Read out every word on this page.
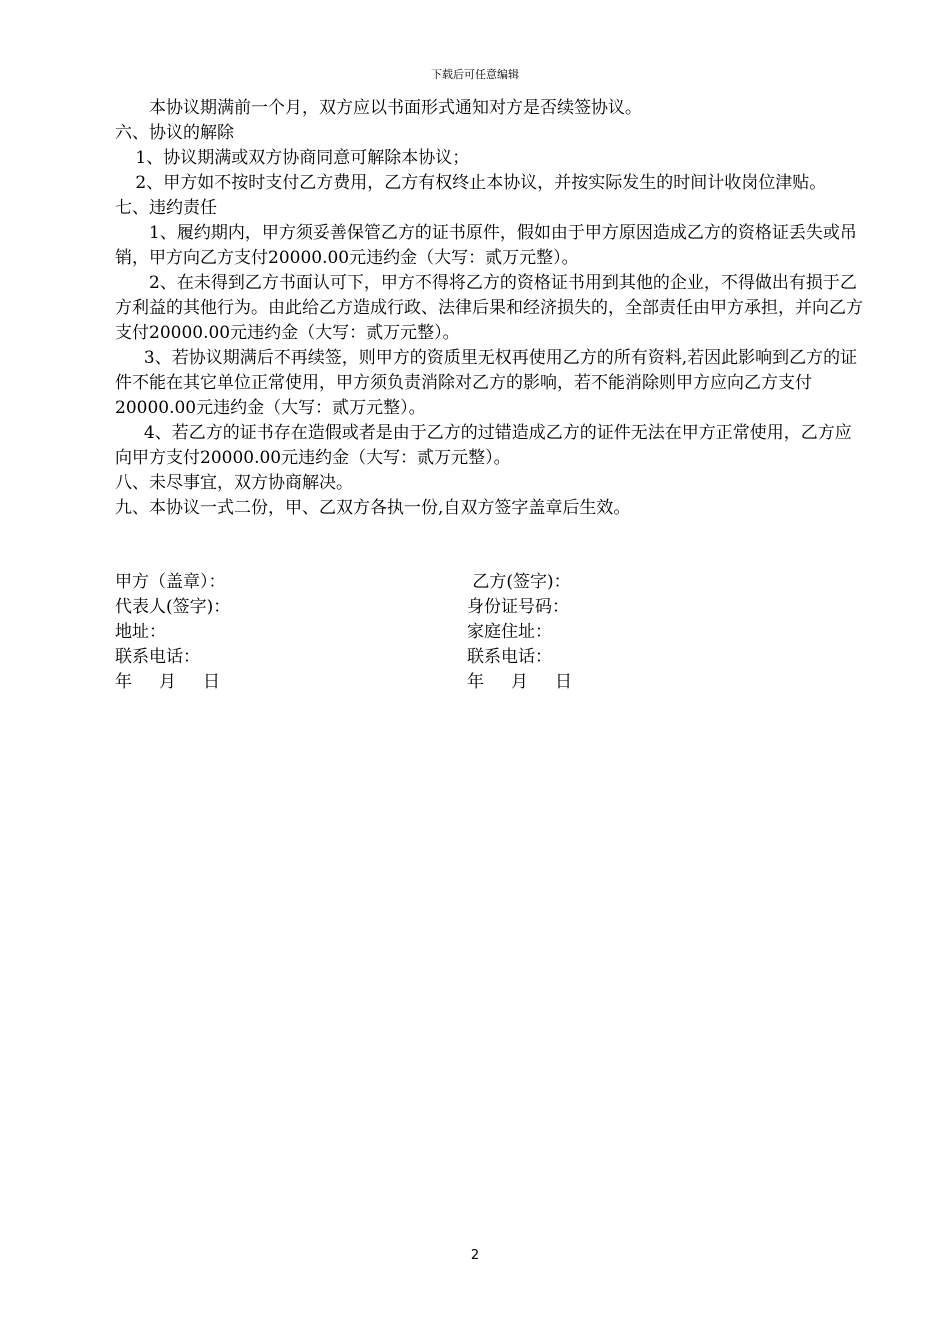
下载后可任意编辑

本协议期满前一个月，双方应以书面形式通知对方是否续签协议。

六、协议的解除

1、协议期满或双方协商同意可解除本协议；

2、甲方如不按时支付乙方费用，乙方有权终止本协议，并按实际发生的时间计收岗位津贴。

七、违约责任

1、履约期内，甲方须妥善保管乙方的证书原件，假如由于甲方原因造成乙方的资格证丢失或吊销，甲方向乙方支付20000.00元违约金（大写：贰万元整）。

2、在未得到乙方书面认可下，甲方不得将乙方的资格证书用到其他的企业，不得做出有损于乙方利益的其他行为。由此给乙方造成行政、法律后果和经济损失的，全部责任由甲方承担，并向乙方支付20000.00元违约金（大写：贰万元整）。

3、若协议期满后不再续签，则甲方的资质里无权再使用乙方的所有资料,若因此影响到乙方的证件不能在其它单位正常使用，甲方须负责消除对乙方的影响，若不能消除则甲方应向乙方支付20000.00元违约金（大写：贰万元整）。

4、若乙方的证书存在造假或者是由于乙方的过错造成乙方的证件无法在甲方正常使用，乙方应向甲方支付20000.00元违约金（大写：贰万元整）。

八、未尽事宜，双方协商解决。

九、本协议一式二份，甲、乙双方各执一份,自双方签字盖章后生效。

甲方（盖章）：	乙方(签字)：
代表人(签字)：	身份证号码：
地址：	家庭住址：
联系电话：	联系电话：
年     月     日	年     月     日
2
